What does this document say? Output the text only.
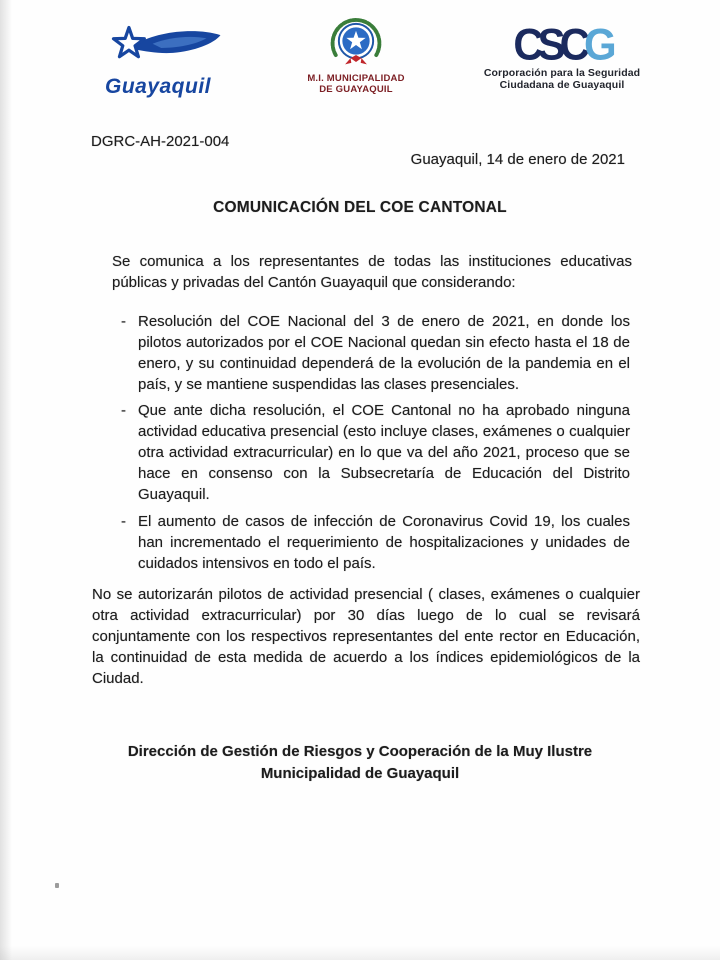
Guayaquil	M.I. MUNICIPALIDAD
DE GUAYAQUIL
CSCG
Corporación para la Seguridad
Ciudadana de Guayaquil
DGRC-AH-2021-004
Guayaquil, 14 de enero de 2021
COMUNICACIÓN DEL COE CANTONAL
Se comunica a los representantes de todas las instituciones educativas públicas y privadas del Cantón Guayaquil que considerando:
- Resolución del COE Nacional del 3 de enero de 2021, en donde los pilotos autorizados por el COE Nacional quedan sin efecto hasta el 18 de enero, y su continuidad dependerá de la evolución de la pandemia en el país, y se mantiene suspendidas las clases presenciales.
- Que ante dicha resolución, el COE Cantonal no ha aprobado ninguna actividad educativa presencial (esto incluye clases, exámenes o cualquier otra actividad extracurricular) en lo que va del año 2021, proceso que se hace en consenso con la Subsecretaría de Educación del Distrito Guayaquil.
- El aumento de casos de infección de Coronavirus Covid 19, los cuales han incrementado el requerimiento de hospitalizaciones y unidades de cuidados intensivos en todo el país.
No se autorizarán pilotos de actividad presencial ( clases, exámenes o cualquier otra actividad extracurricular) por 30 días luego de lo cual se revisará conjuntamente con los respectivos representantes del ente rector en Educación, la continuidad de esta medida de acuerdo a los índices epidemiológicos de la Ciudad.
Dirección de Gestión de Riesgos y Cooperación de la Muy Ilustre
Municipalidad de Guayaquil
